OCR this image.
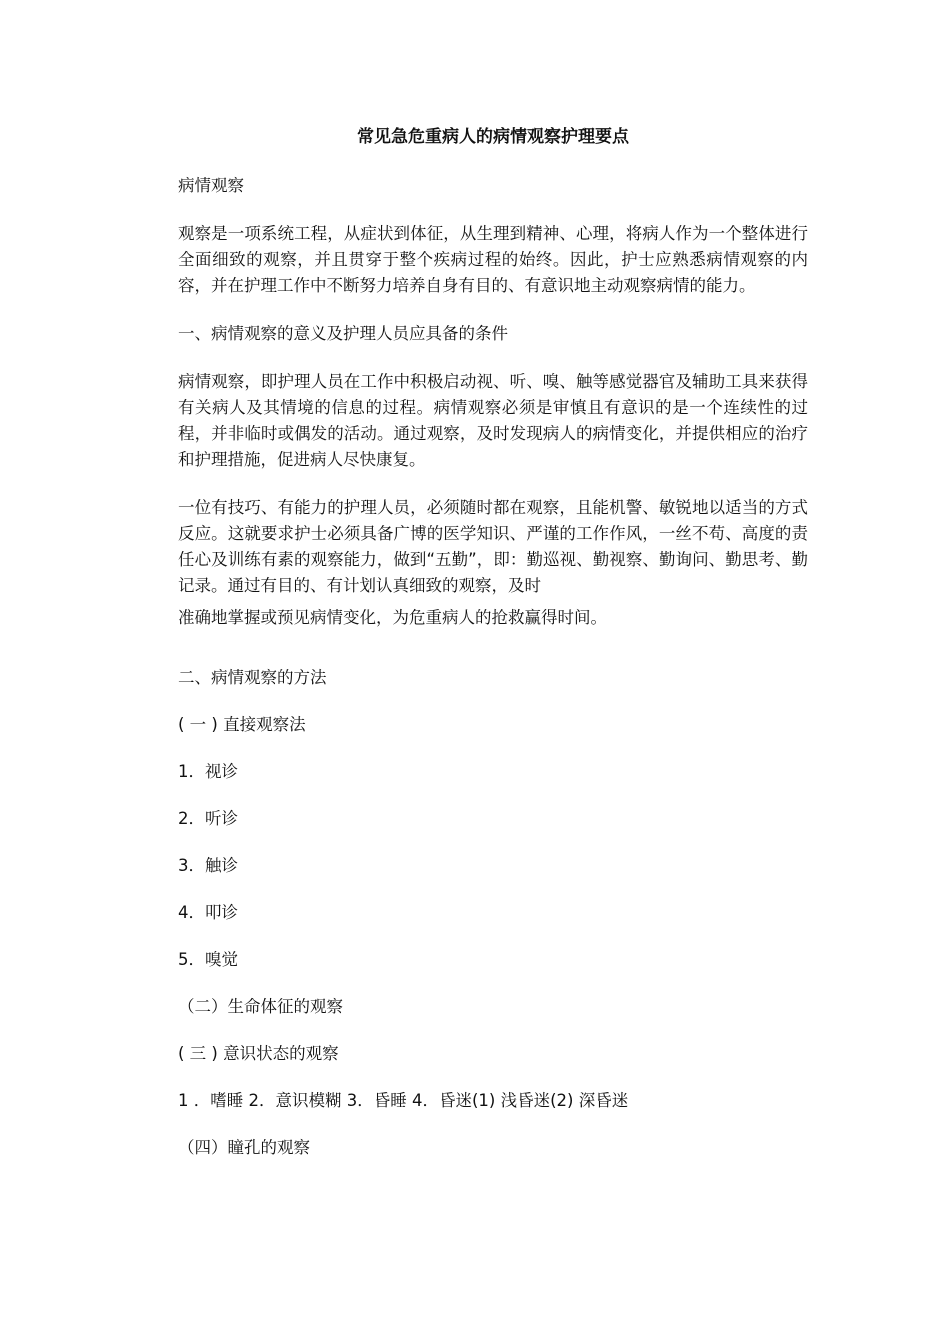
常见急危重病人的病情观察护理要点
病情观察
观察是一项系统工程，从症状到体征，从生理到精神、心理，将病人作为一个整体进行全面细致的观察，并且贯穿于整个疾病过程的始终。因此，护士应熟悉病情观察的内容，并在护理工作中不断努力培养自身有目的、有意识地主动观察病情的能力。
一、病情观察的意义及护理人员应具备的条件
病情观察，即护理人员在工作中积极启动视、听、嗅、触等感觉器官及辅助工具来获得有关病人及其情境的信息的过程。病情观察必须是审慎且有意识的是一个连续性的过程，并非临时或偶发的活动。通过观察，及时发现病人的病情变化，并提供相应的治疗和护理措施，促进病人尽快康复。
一位有技巧、有能力的护理人员，必须随时都在观察，且能机警、敏锐地以适当的方式反应。这就要求护士必须具备广博的医学知识、严谨的工作作风，一丝不苟、高度的责任心及训练有素的观察能力，做到“五勤”，即：勤巡视、勤视察、勤询问、勤思考、勤记录。通过有目的、有计划认真细致的观察，及时
准确地掌握或预见病情变化，为危重病人的抢救赢得时间。
二、病情观察的方法
( 一 ) 直接观察法
1．视诊
2．听诊
3．触诊
4．叩诊
5．嗅觉
（二）生命体征的观察
( 三 ) 意识状态的观察
1 ．嗜睡 2．意识模糊 3．昏睡 4．昏迷(1) 浅昏迷(2) 深昏迷
（四）瞳孔的观察
